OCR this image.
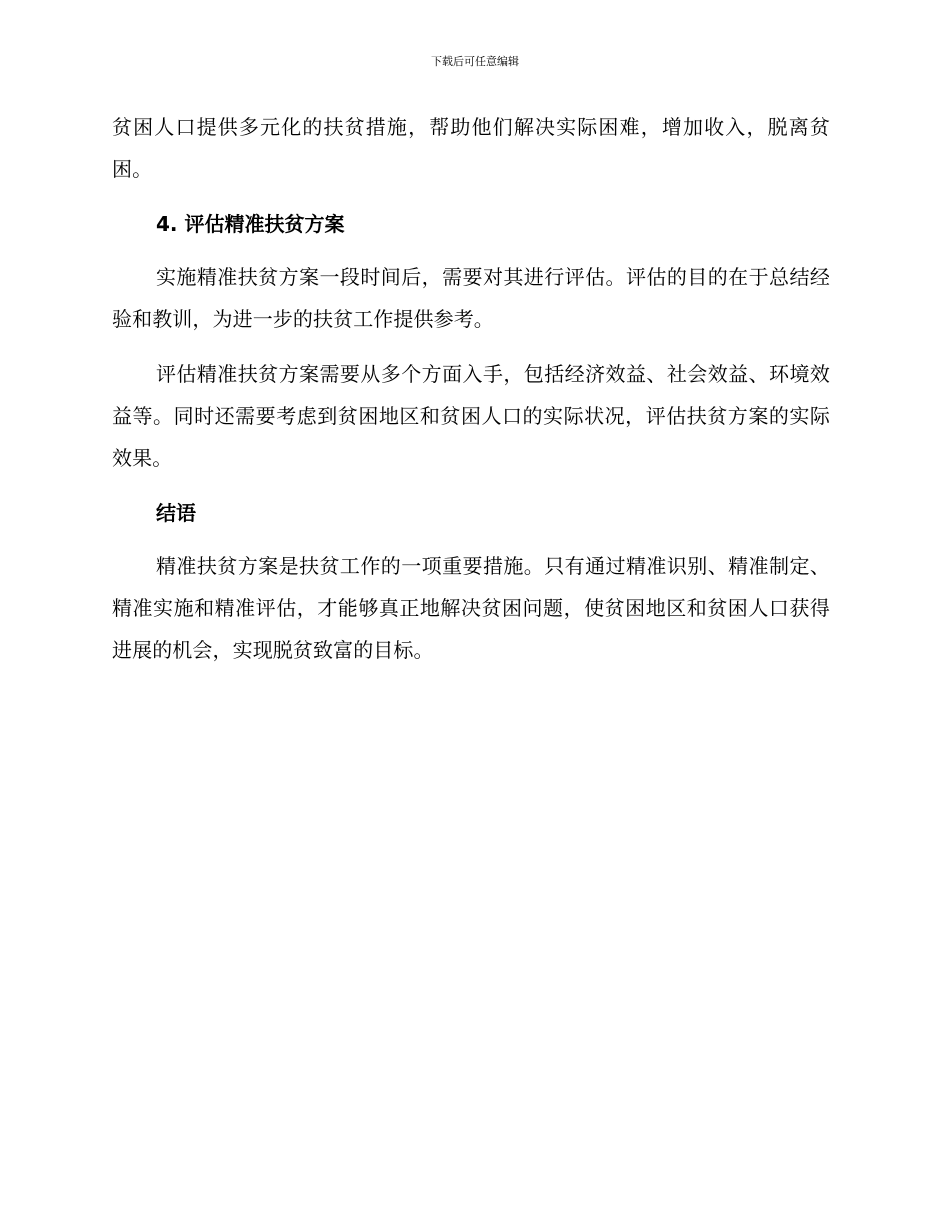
下载后可任意编辑

贫困人口提供多元化的扶贫措施，帮助他们解决实际困难，增加收入，脱离贫困。

4. 评估精准扶贫方案

实施精准扶贫方案一段时间后，需要对其进行评估。评估的目的在于总结经验和教训，为进一步的扶贫工作提供参考。

评估精准扶贫方案需要从多个方面入手，包括经济效益、社会效益、环境效益等。同时还需要考虑到贫困地区和贫困人口的实际状况，评估扶贫方案的实际效果。

结语

精准扶贫方案是扶贫工作的一项重要措施。只有通过精准识别、精准制定、精准实施和精准评估，才能够真正地解决贫困问题，使贫困地区和贫困人口获得进展的机会，实现脱贫致富的目标。
